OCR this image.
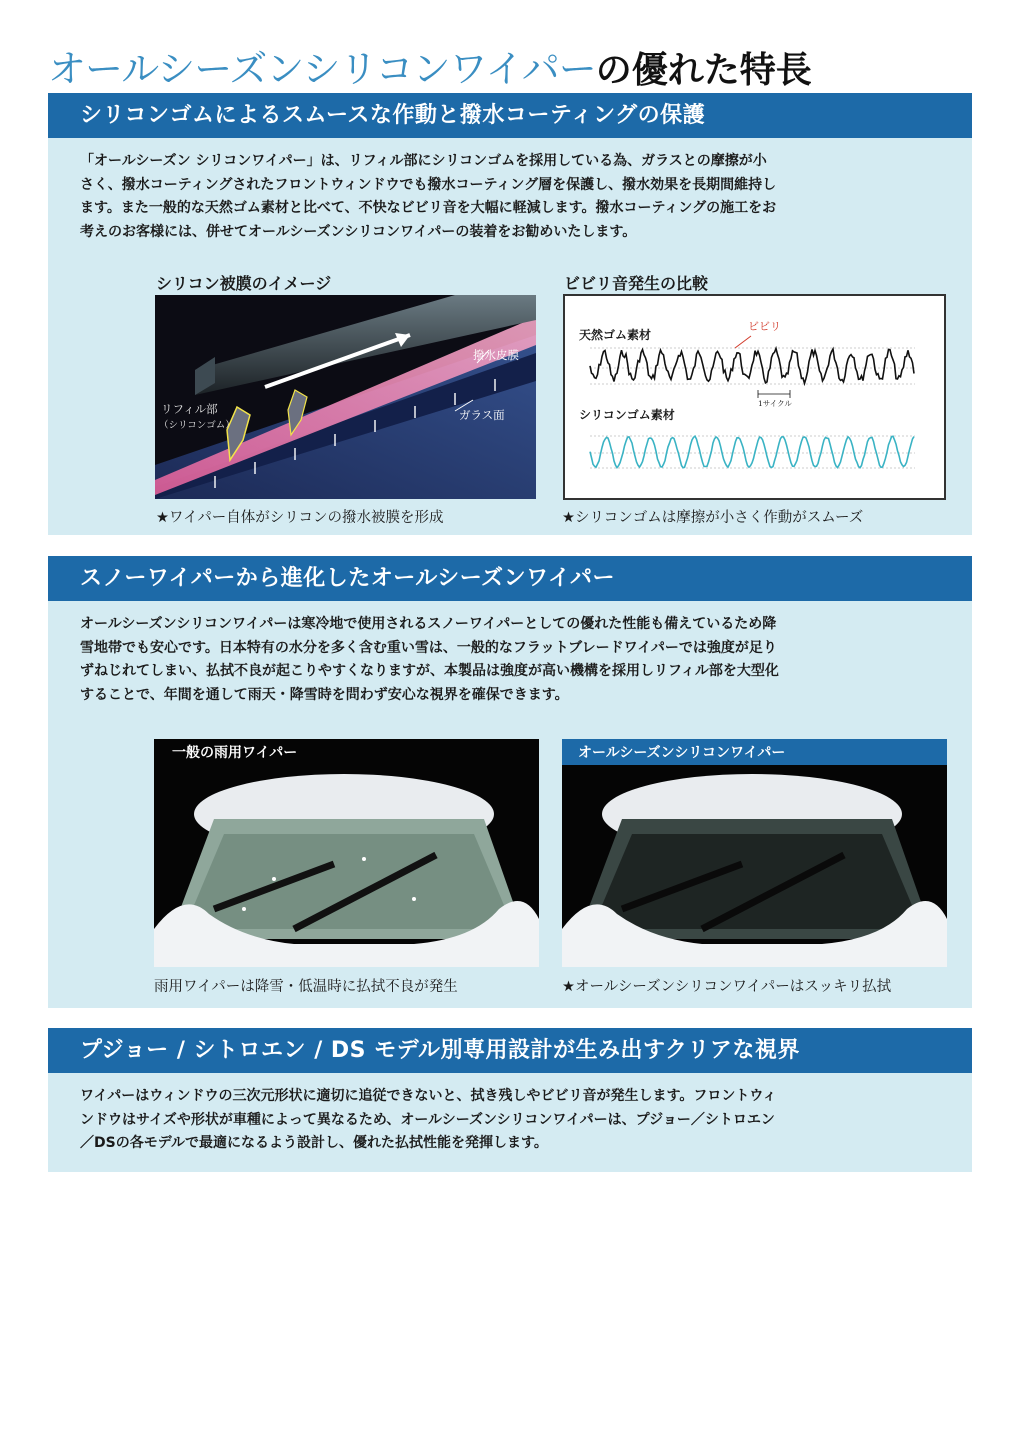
オールシーズンシリコンワイパーの優れた特長
シリコンゴムによるスムースな作動と撥水コーティングの保護

「オールシーズン シリコンワイパー」は、リフィル部にシリコンゴムを採用している為、ガラスとの摩擦が小さく、撥水コーティングされたフロントウィンドウでも撥水コーティング層を保護し、撥水効果を長期間維持します。また一般的な天然ゴム素材と比べて、不快なビビリ音を大幅に軽減します。撥水コーティングの施工をお考えのお客様には、併せてオールシーズンシリコンワイパーの装着をお勧めいたします。

シリコン被膜のイメージ
リフィル部
（シリコンゴム）
撥水皮膜
ガラス面
★ワイパー自体がシリコンの撥水被膜を形成
ビビリ音発生の比較
天然ゴム素材
ビビリ
1サイクル
シリコンゴム素材
★シリコンゴムは摩擦が小さく作動がスムーズ
スノーワイパーから進化したオールシーズンワイパー

オールシーズンシリコンワイパーは寒冷地で使用されるスノーワイパーとしての優れた性能も備えているため降雪地帯でも安心です。日本特有の水分を多く含む重い雪は、一般的なフラットブレードワイパーでは強度が足りずねじれてしまい、払拭不良が起こりやすくなりますが、本製品は強度が高い機構を採用しリフィル部を大型化することで、年間を通して雨天・降雪時を問わず安心な視界を確保できます。

一般の雨用ワイパー
雨用ワイパーは降雪・低温時に払拭不良が発生
オールシーズンシリコンワイパー
★オールシーズンシリコンワイパーはスッキリ払拭
プジョー / シトロエン / DS モデル別専用設計が生み出すクリアな視界

ワイパーはウィンドウの三次元形状に適切に追従できないと、拭き残しやビビリ音が発生します。フロントウィンドウはサイズや形状が車種によって異なるため、オールシーズンシリコンワイパーは、プジョー／シトロエン／DSの各モデルで最適になるよう設計し、優れた払拭性能を発揮します。
